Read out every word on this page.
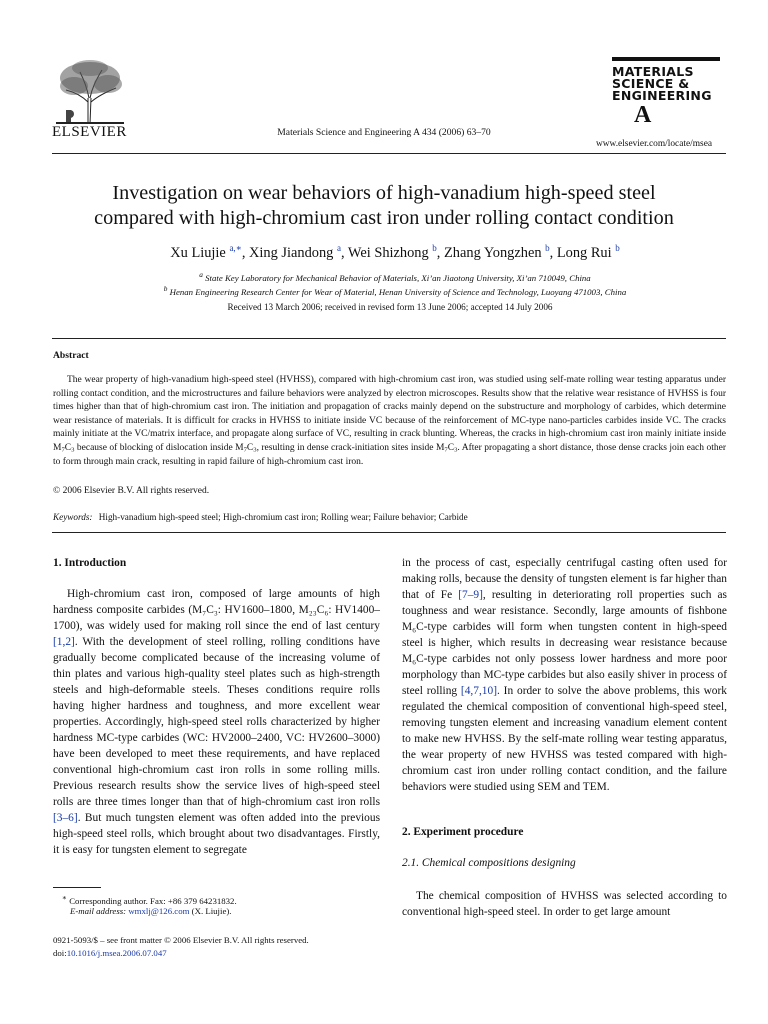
ELSEVIER	Materials Science and Engineering A 434 (2006) 63–70
MATERIALS
SCIENCE &
ENGINEERING
A
www.elsevier.com/locate/msea
Investigation on wear behaviors of high-vanadium high-speed steel
compared with high-chromium cast iron under rolling contact condition
Xu Liujie $^{a,∗}$, Xing Jiandong $^a$, Wei Shizhong $^b$, Zhang Yongzhen $^b$, Long Rui $^b$
$^a$ State Key Laboratory for Mechanical Behavior of Materials, Xi’an Jiaotong University, Xi’an 710049, China
$^b$ Henan Engineering Research Center for Wear of Material, Henan University of Science and Technology, Luoyang 471003, China
Received 13 March 2006; received in revised form 13 June 2006; accepted 14 July 2006
Abstract
The wear property of high-vanadium high-speed steel (HVHSS), compared with high-chromium cast iron, was studied using self-mate rolling wear testing apparatus under rolling contact condition, and the microstructures and failure behaviors were analyzed by electron microscopes. Results show that the relative wear resistance of HVHSS is four times higher than that of high-chromium cast iron. The initiation and propagation of cracks mainly depend on the substructure and morphology of carbides, which determine wear resistance of materials. It is difficult for cracks in HVHSS to initiate inside VC because of the reinforcement of MC-type nano-particles carbides inside VC. The cracks mainly initiate at the VC/matrix interface, and propagate along surface of VC, resulting in crack blunting. Whereas, the cracks in high-chromium cast iron mainly initiate inside $M_7C_3$ because of blocking of dislocation inside $M_7C_3$, resulting in dense crack-initiation sites inside $M_7C_3$. After propagating a short distance, those dense cracks join each other to form through main crack, resulting in rapid failure of high-chromium cast iron.
© 2006 Elsevier B.V. All rights reserved.
Keywords: High-vanadium high-speed steel; High-chromium cast iron; Rolling wear; Failure behavior; Carbide
1. Introduction
High-chromium cast iron, composed of large amounts of high hardness composite carbides (M₇C₃: HV1600–1800, M₂₃C₆: HV1400–1700), was widely used for making roll since the end of last century [1,2]. With the development of steel rolling, rolling conditions have gradually become complicated because of the increasing volume of thin plates and various high-quality steel plates such as high-strength steels and high-deformable steels. Theses conditions require rolls having higher hardness and toughness, and more excellent wear properties. Accordingly, high-speed steel rolls characterized by higher hardness MC-type carbides (WC: HV2000–2400, VC: HV2600–3000) have been developed to meet these requirements, and have replaced conventional high-chromium cast iron rolls in some rolling mills. Previous research results show the service lives of high-speed steel rolls are three times longer than that of high-chromium cast iron rolls [3–6]. But much tungsten element was often added into the previous high-speed steel rolls, which brought about two disadvantages. Firstly, it is easy for tungsten element to segregate
in the process of cast, especially centrifugal casting often used for making rolls, because the density of tungsten element is far higher than that of Fe [7–9], resulting in deteriorating roll properties such as toughness and wear resistance. Secondly, large amounts of fishbone M₆C-type carbides will form when tungsten content in high-speed steel is higher, which results in decreasing wear resistance because M₆C-type carbides not only possess lower hardness and more poor morphology than MC-type carbides but also easily shiver in process of steel rolling [4,7,10]. In order to solve the above problems, this work regulated the chemical composition of conventional high-speed steel, removing tungsten element and increasing vanadium element content to make new HVHSS. By the self-mate rolling wear testing apparatus, the wear property of new HVHSS was tested compared with high-chromium cast iron under rolling contact condition, and the failure behaviors were studied using SEM and TEM.
2. Experiment procedure
2.1. Chemical compositions designing
The chemical composition of HVHSS was selected according to conventional high-speed steel. In order to get large amount
∗ Corresponding author. Fax: +86 379 64231832.
E-mail address: wmxlj@126.com (X. Liujie).
0921-5093/$ – see front matter © 2006 Elsevier B.V. All rights reserved.
doi:10.1016/j.msea.2006.07.047
